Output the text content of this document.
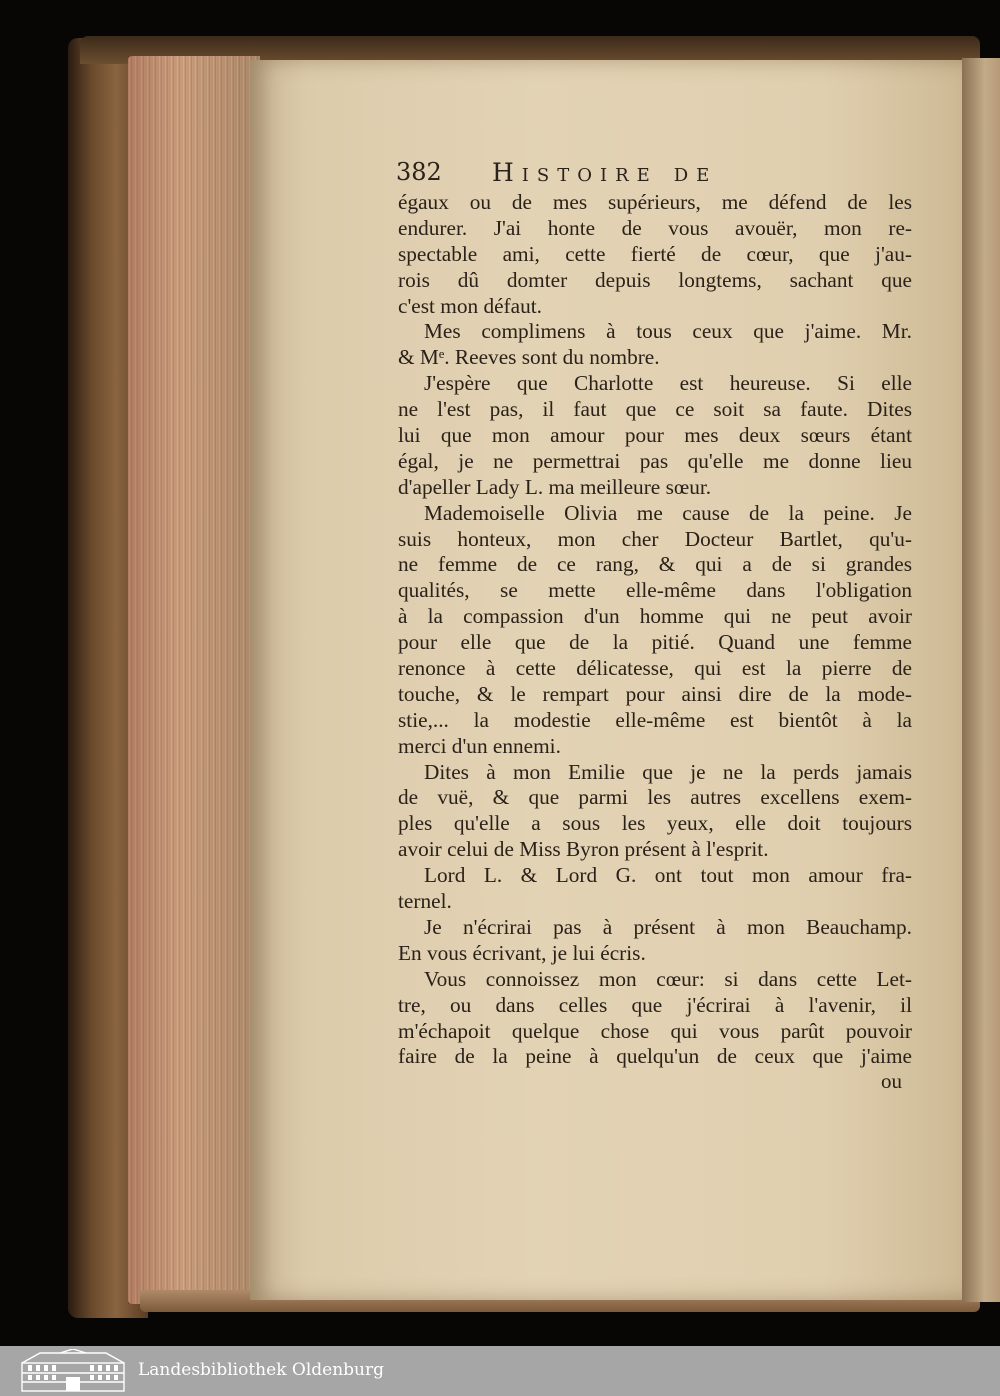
382 Histoire de
égaux ou de mes supérieurs, me défend de les
endurer. J'ai honte de vous avouër, mon re-
spectable ami, cette fierté de cœur, que j'au-
rois dû domter depuis longtems, sachant que
c'est mon défaut.
Mes complimens à tous ceux que j'aime. Mr.
& Mᵉ. Reeves sont du nombre.
J'espère que Charlotte est heureuse. Si elle
ne l'est pas, il faut que ce soit sa faute. Dites
lui que mon amour pour mes deux sœurs étant
égal, je ne permettrai pas qu'elle me donne lieu
d'apeller Lady L. ma meilleure sœur.
Mademoiselle Olivia me cause de la peine. Je
suis honteux, mon cher Docteur Bartlet, qu'u-
ne femme de ce rang, & qui a de si grandes
qualités, se mette elle-même dans l'obligation
à la compassion d'un homme qui ne peut avoir
pour elle que de la pitié. Quand une femme
renonce à cette délicatesse, qui est la pierre de
touche, & le rempart pour ainsi dire de la mode-
stie,... la modestie elle-même est bientôt à la
merci d'un ennemi.
Dites à mon Emilie que je ne la perds jamais
de vuë, & que parmi les autres excellens exem-
ples qu'elle a sous les yeux, elle doit toujours
avoir celui de Miss Byron présent à l'esprit.
Lord L. & Lord G. ont tout mon amour fra-
ternel.
Je n'écrirai pas à présent à mon Beauchamp.
En vous écrivant, je lui écris.
Vous connoissez mon cœur: si dans cette Let-
tre, ou dans celles que j'écrirai à l'avenir, il
m'échapoit quelque chose qui vous parût pouvoir
faire de la peine à quelqu'un de ceux que j'aime
ou
Landesbibliothek Oldenburg
